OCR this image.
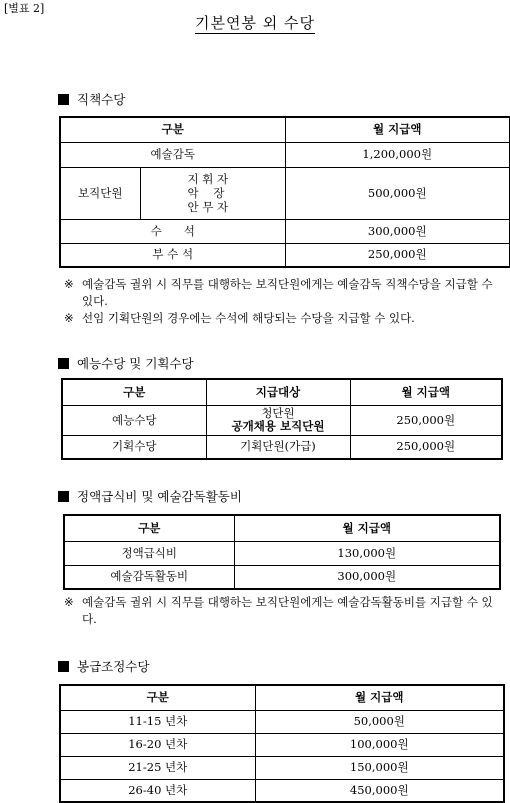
[별표 2]
기본연봉 외 수당
직책수당
구분		월 지급액
예술감독		1,200,000원
보직단원	지 휘 자
악    장
안 무 자	500,000원
수      석		300,000원
부 수 석		250,000원
※ 예술감독 궐위 시 직무를 대행하는 보직단원에게는 예술감독 직책수당을 지급할 수 있다.
※ 선임 기획단원의 경우에는 수석에 해당되는 수당을 지급할 수 있다.
예능수당 및 기획수당
구분	지급대상	월 지급액
예능수당	청단원
공개채용 보직단원	250,000원
기획수당	기획단원(가급)	250,000원
정액급식비 및 예술감독활동비
구분	월 지급액
정액급식비	130,000원
예술감독활동비	300,000원
※ 예술감독 궐위 시 직무를 대행하는 보직단원에게는 예술감독활동비를 지급할 수 있다.
봉급조정수당
구분	월 지급액
11-15 년차	50,000원
16-20 년차	100,000원
21-25 년차	150,000원
26-40 년차	450,000원
